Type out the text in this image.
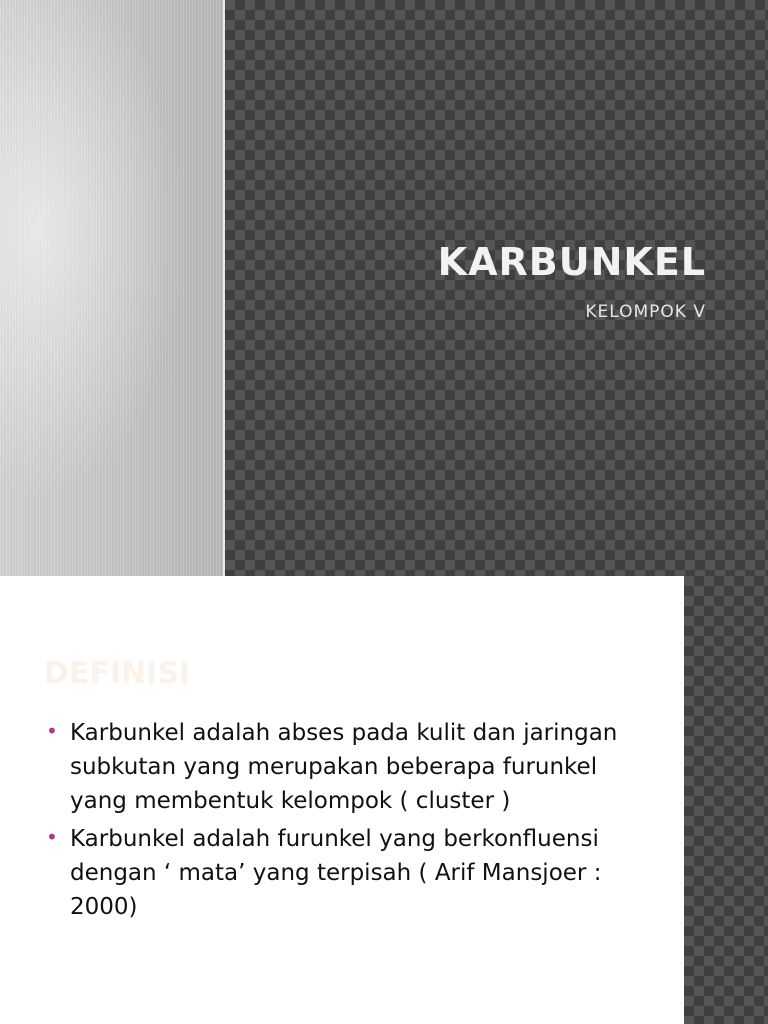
KARBUNKEL

KELOMPOK V

DEFINISI
• Karbunkel adalah abses pada kulit dan jaringan subkutan yang merupakan beberapa furunkel yang membentuk kelompok ( cluster )
• Karbunkel adalah furunkel yang berkonfluensi dengan ‘ mata’ yang terpisah ( Arif Mansjoer : 2000)
